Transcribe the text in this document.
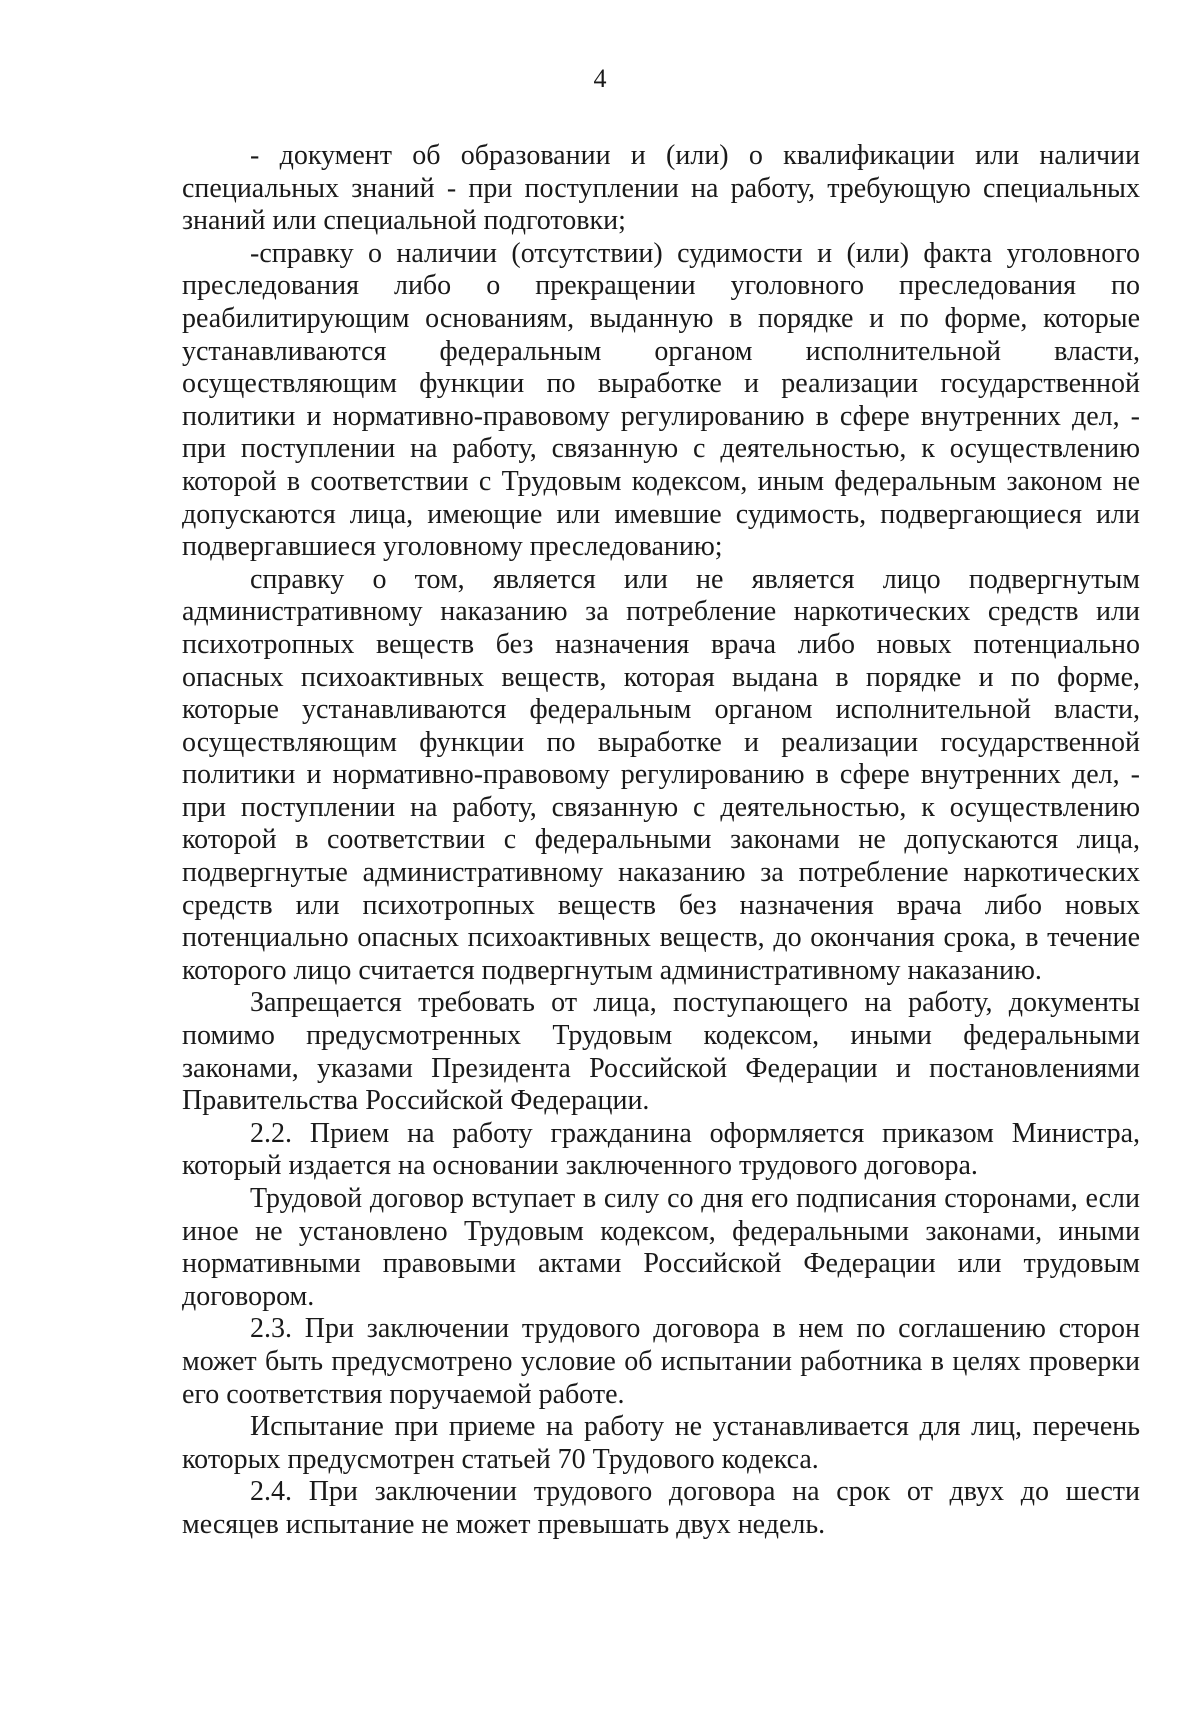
4

- документ об образовании и (или) о квалификации или наличии специальных знаний - при поступлении на работу, требующую специальных знаний или специальной подготовки;

-справку о наличии (отсутствии) судимости и (или) факта уголовного преследования либо о прекращении уголовного преследования по реабилитирующим основаниям, выданную в порядке и по форме, которые устанавливаются федеральным органом исполнительной власти, осуществляющим функции по выработке и реализации государственной политики и нормативно-правовому регулированию в сфере внутренних дел, - при поступлении на работу, связанную с деятельностью, к осуществлению которой в соответствии с Трудовым кодексом, иным федеральным законом не допускаются лица, имеющие или имевшие судимость, подвергающиеся или подвергавшиеся уголовному преследованию;

справку о том, является или не является лицо подвергнутым административному наказанию за потребление наркотических средств или психотропных веществ без назначения врача либо новых потенциально опасных психоактивных веществ, которая выдана в порядке и по форме, которые устанавливаются федеральным органом исполнительной власти, осуществляющим функции по выработке и реализации государственной политики и нормативно-правовому регулированию в сфере внутренних дел, - при поступлении на работу, связанную с деятельностью, к осуществлению которой в соответствии с федеральными законами не допускаются лица, подвергнутые административному наказанию за потребление наркотических средств или психотропных веществ без назначения врача либо новых потенциально опасных психоактивных веществ, до окончания срока, в течение которого лицо считается подвергнутым административному наказанию.

Запрещается требовать от лица, поступающего на работу, документы помимо предусмотренных Трудовым кодексом, иными федеральными законами, указами Президента Российской Федерации и постановлениями Правительства Российской Федерации.

2.2. Прием на работу гражданина оформляется приказом Министра, который издается на основании заключенного трудового договора.

Трудовой договор вступает в силу со дня его подписания сторонами, если иное не установлено Трудовым кодексом, федеральными законами, иными нормативными правовыми актами Российской Федерации или трудовым договором.

2.3. При заключении трудового договора в нем по соглашению сторон может быть предусмотрено условие об испытании работника в целях проверки его соответствия поручаемой работе.

Испытание при приеме на работу не устанавливается для лиц, перечень которых предусмотрен статьей 70 Трудового кодекса.

2.4. При заключении трудового договора на срок от двух до шести месяцев испытание не может превышать двух недель.
